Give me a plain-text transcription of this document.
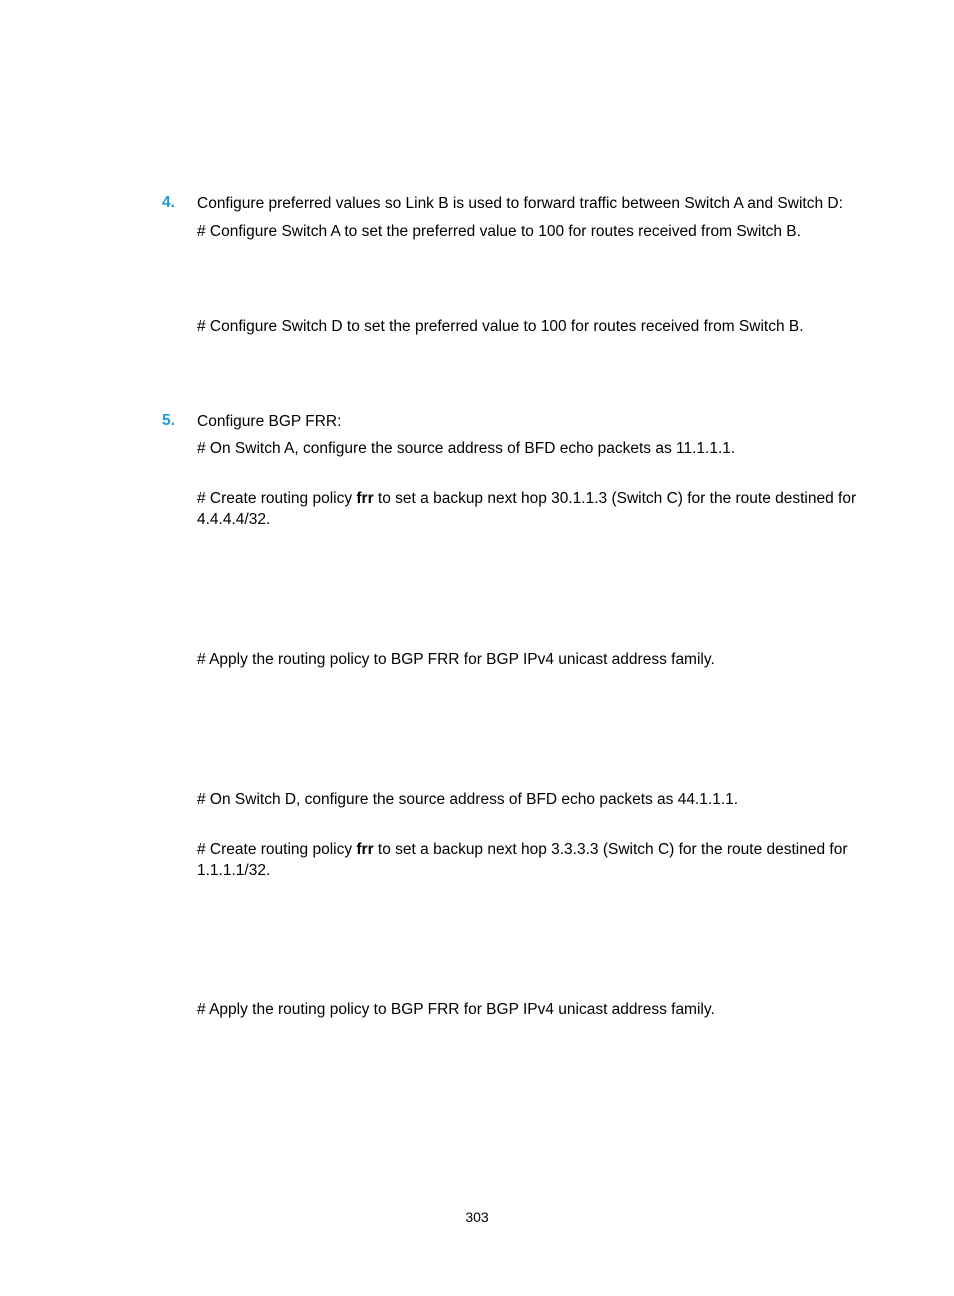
4. Configure preferred values so Link B is used to forward traffic between Switch A and Switch D:
# Configure Switch A to set the preferred value to 100 for routes received from Switch B.
# Configure Switch D to set the preferred value to 100 for routes received from Switch B.
5. Configure BGP FRR:
# On Switch A, configure the source address of BFD echo packets as 11.1.1.1.
# Create routing policy frr to set a backup next hop 30.1.1.3 (Switch C) for the route destined for 4.4.4.4/32.
# Apply the routing policy to BGP FRR for BGP IPv4 unicast address family.
# On Switch D, configure the source address of BFD echo packets as 44.1.1.1.
# Create routing policy frr to set a backup next hop 3.3.3.3 (Switch C) for the route destined for 1.1.1.1/32.
# Apply the routing policy to BGP FRR for BGP IPv4 unicast address family.
303
